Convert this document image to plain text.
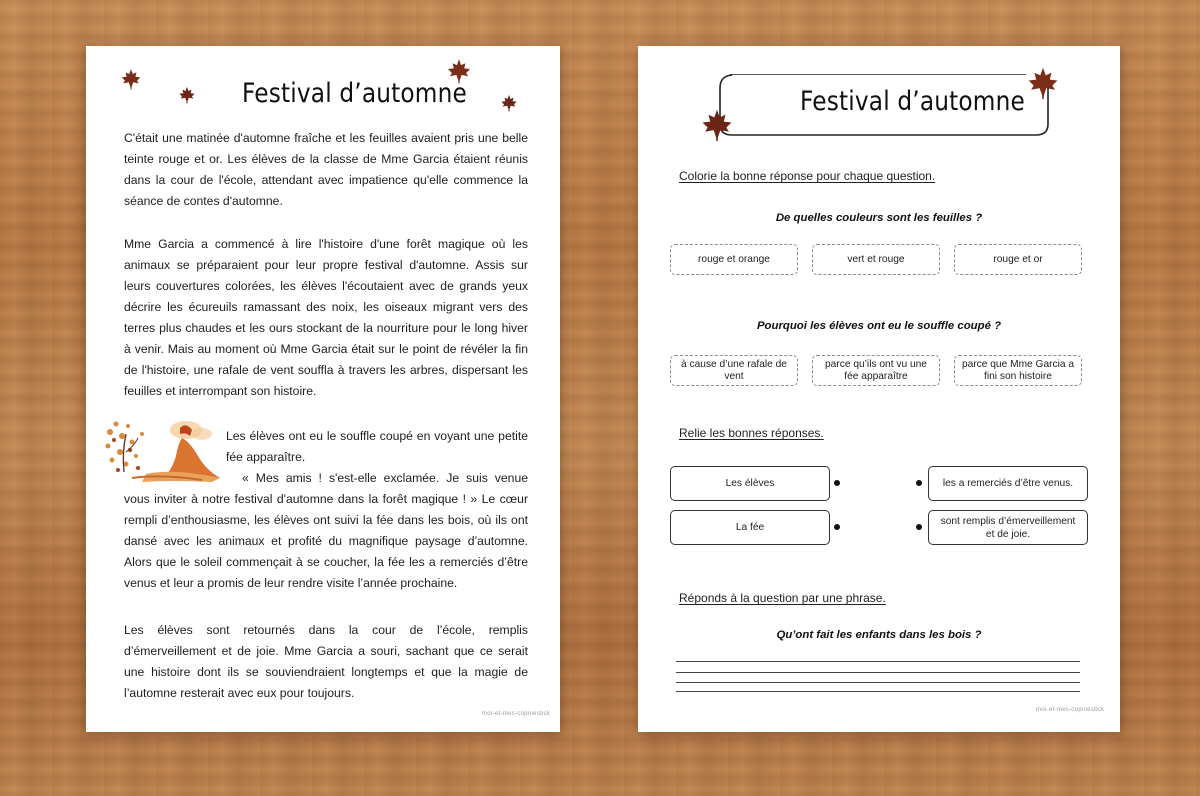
Festival d’automne

C'était une matinée d'automne fraîche et les feuilles avaient pris une belle teinte rouge et or. Les élèves de la classe de Mme Garcia étaient réunis dans la cour de l'école, attendant avec impatience qu'elle commence la séance de contes d'automne.

Mme Garcia a commencé à lire l'histoire d'une forêt magique où les animaux se préparaient pour leur propre festival d'automne. Assis sur leurs couvertures colorées, les élèves l'écoutaient avec de grands yeux décrire les écureuils ramassant des noix, les oiseaux migrant vers des terres plus chaudes et les ours stockant de la nourriture pour le long hiver à venir. Mais au moment où Mme Garcia était sur le point de révéler la fin de l'histoire, une rafale de vent souffla à travers les arbres, dispersant les feuilles et interrompant son histoire.

Les élèves ont eu le souffle coupé en voyant une petite fée apparaître.

« Mes amis ! s'est-elle exclamée. Je suis venue vous inviter à notre festival d'automne dans la forêt magique ! » Le cœur rempli d’enthousiasme, les élèves ont suivi la fée dans les bois, où ils ont dansé avec les animaux et profité du magnifique paysage d’automne. Alors que le soleil commençait à se coucher, la fée les a remerciés d’être venus et leur a promis de leur rendre visite l’année prochaine.

Les élèves sont retournés dans la cour de l’école, remplis d’émerveillement et de joie. Mme Garcia a souri, sachant que ce serait une histoire dont ils se souviendraient longtemps et que la magie de l’automne resterait avec eux pour toujours.

moi-et-mes-copinesbck
Festival d’automne
Colorie la bonne réponse pour chaque question.
De quelles couleurs sont les feuilles ?
rouge et orange	vert et rouge	rouge et or
Pourquoi les élèves ont eu le souffle coupé ?
à cause d’une rafale de vent
parce qu’ils ont vu une fée apparaître
parce que Mme Garcia a fini son histoire
Relie les bonnes réponses.
Les élèves
La fée
les a remerciés d’être venus.
sont remplis d’émerveillement et de joie.
Réponds à la question par une phrase.
Qu’ont fait les enfants dans les bois ?
moi-et-mes-copinesbck
